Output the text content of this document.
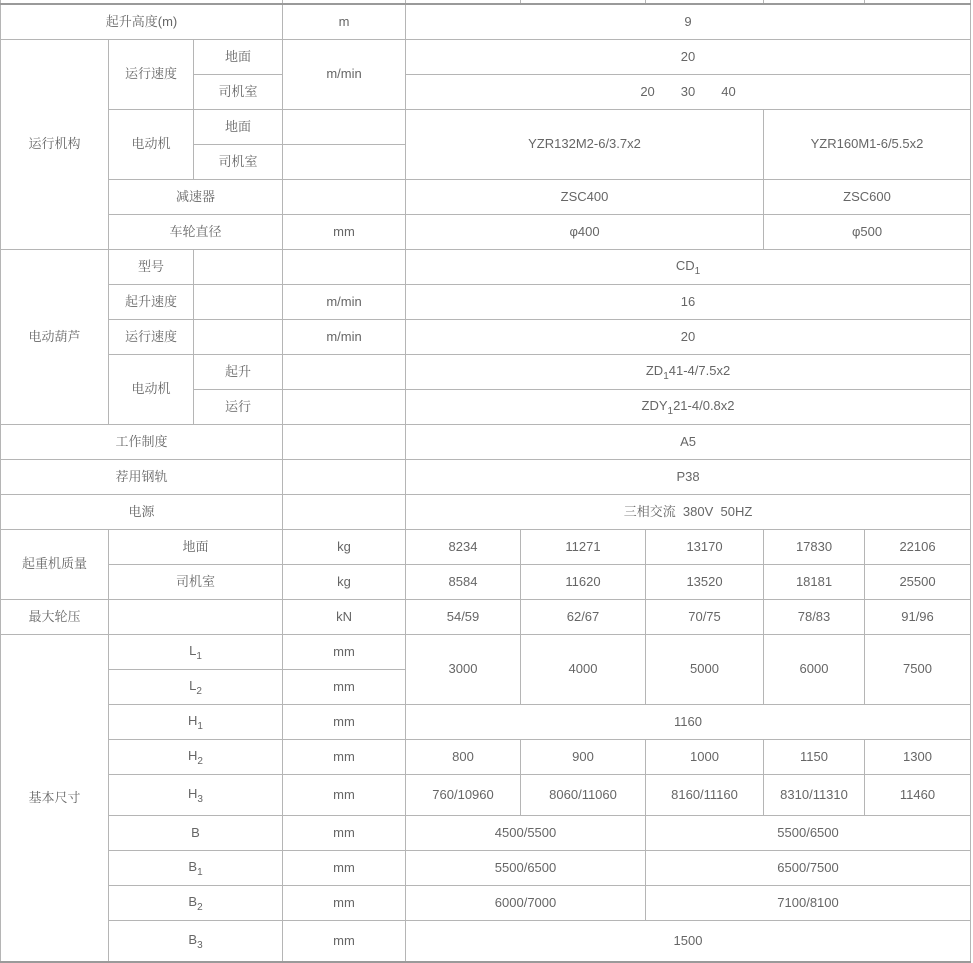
起升高度(m)			m	9				
运行机构	运行速度	地面	m/min	20				
		司机室		20 30 40				

	电动机	地面		YZR132M2-6/3.7x2			YZR160M1-6/5.5x2	
		司机室						
	减速器			ZSC400			ZSC600	
	车轮直径		mm	φ400			φ500	
电动葫芦	型号			$CD_1$
	起升速度		m/min	16				
	运行速度		m/min	20				
	电动机	起升		$ZD_141-4/7.5x2$				
		运行		$ZDY_121-4/0.8x2$				
工作制度				A5				
荐用钢轨				P38				
电源				三相交流  380V  50HZ				
起重机质量	地面		kg	8234	11271	13170	17830	22106
	司机室		kg	8584	11620	13520	18181	25500
最大轮压			kN	54/59	62/67	70/75	78/83	91/96
基本尺寸	$L_1$		mm	3000	4000	5000	6000	7500
	$L_2$		mm					
	$H_1$		mm	1160				
	$H_2$		mm	800	900	1000	1150	1300
	$H_3$		mm	760/10960	8060/11060	8160/11160	8310/11310	11460
	B		mm	4500/5500		5500/6500		
	$B_1$		mm	5500/6500		6500/7500		
	$B_2$		mm	6000/7000		7100/8100		
	$B_3$		mm	1500				
